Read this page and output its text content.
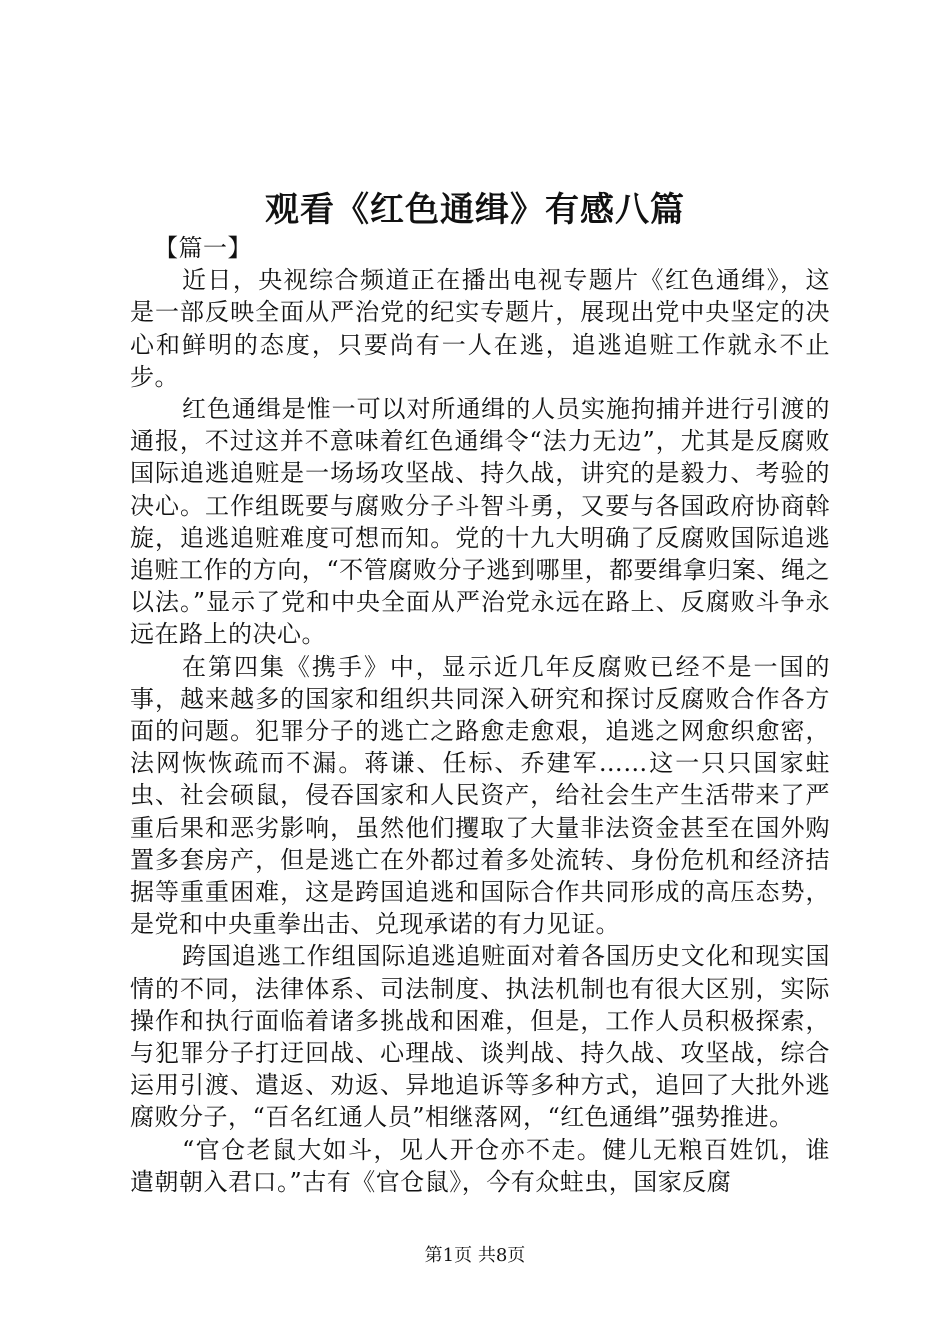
观看《红色通缉》有感八篇

【篇一】

近日，央视综合频道正在播出电视专题片《红色通缉》，这是一部反映全面从严治党的纪实专题片，展现出党中央坚定的决心和鲜明的态度，只要尚有一人在逃，追逃追赃工作就永不止步。

红色通缉是惟一可以对所通缉的人员实施拘捕并进行引渡的通报，不过这并不意味着红色通缉令“法力无边”，尤其是反腐败国际追逃追赃是一场场攻坚战、持久战，讲究的是毅力、考验的决心。工作组既要与腐败分子斗智斗勇，又要与各国政府协商斡旋，追逃追赃难度可想而知。党的十九大明确了反腐败国际追逃追赃工作的方向，“不管腐败分子逃到哪里，都要缉拿归案、绳之以法。”显示了党和中央全面从严治党永远在路上、反腐败斗争永远在路上的决心。

在第四集《携手》中，显示近几年反腐败已经不是一国的事，越来越多的国家和组织共同深入研究和探讨反腐败合作各方面的问题。犯罪分子的逃亡之路愈走愈艰，追逃之网愈织愈密，法网恢恢疏而不漏。蒋谦、任标、乔建军……这一只只国家蛀虫、社会硕鼠，侵吞国家和人民资产，给社会生产生活带来了严重后果和恶劣影响，虽然他们攫取了大量非法资金甚至在国外购置多套房产，但是逃亡在外都过着多处流转、身份危机和经济拮据等重重困难，这是跨国追逃和国际合作共同形成的高压态势，是党和中央重拳出击、兑现承诺的有力见证。

跨国追逃工作组国际追逃追赃面对着各国历史文化和现实国情的不同，法律体系、司法制度、执法机制也有很大区别，实际操作和执行面临着诸多挑战和困难，但是，工作人员积极探索，与犯罪分子打迂回战、心理战、谈判战、持久战、攻坚战，综合运用引渡、遣返、劝返、异地追诉等多种方式，追回了大批外逃腐败分子，“百名红通人员”相继落网，“红色通缉”强势推进。

“官仓老鼠大如斗，见人开仓亦不走。健儿无粮百姓饥，谁遣朝朝入君口。”古有《官仓鼠》，今有众蛀虫，国家反腐

第1页 共8页
